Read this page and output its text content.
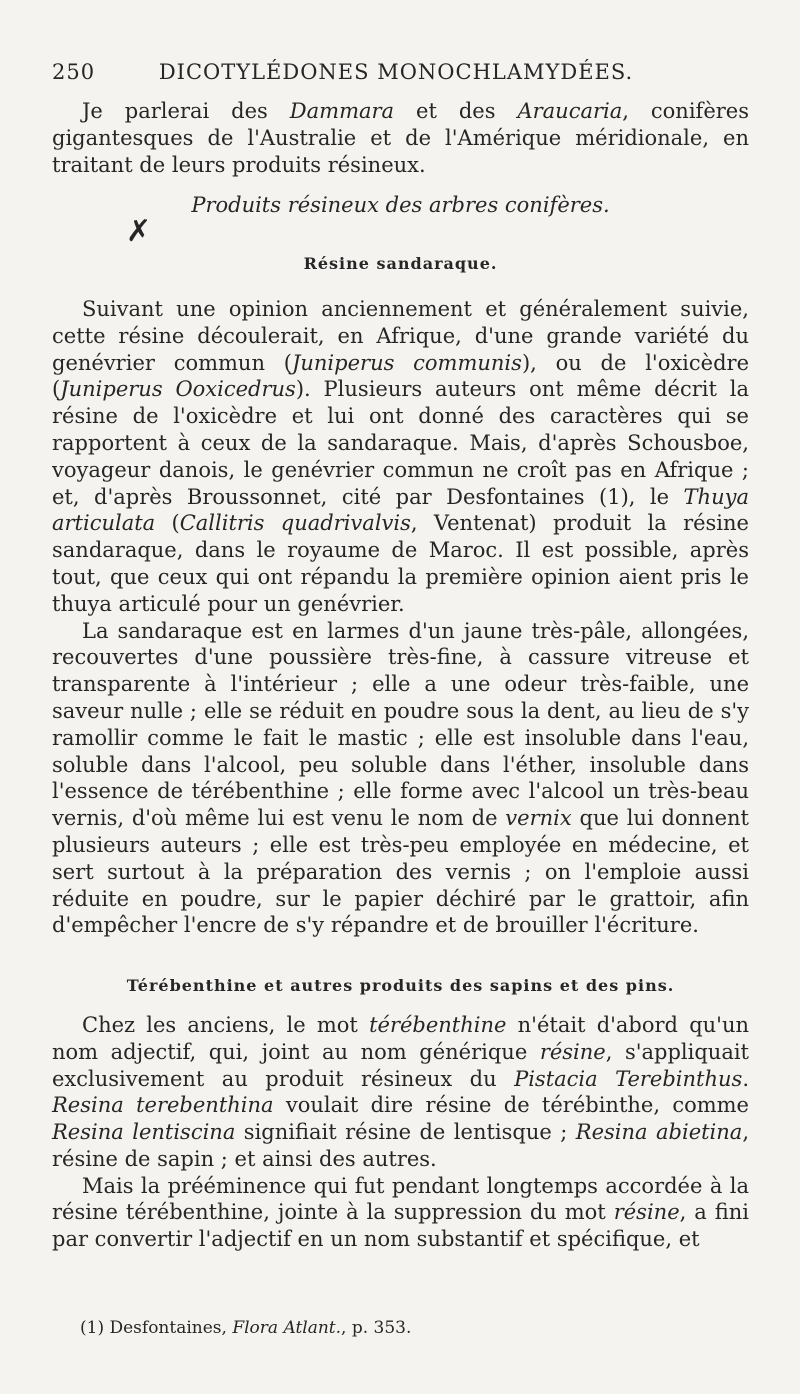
250	DICOTYLÉDONES MONOCHLAMYDÉES.

Je parlerai des Dammara et des Araucaria, conifères gigantesques de l'Australie et de l'Amérique méridionale, en traitant de leurs produits résineux.

Produits résineux des arbres conifères.

✗
Résine sandaraque.

Suivant une opinion anciennement et généralement suivie, cette résine découlerait, en Afrique, d'une grande variété du genévrier commun (Juniperus communis), ou de l'oxicèdre (Juniperus Ooxicedrus). Plusieurs auteurs ont même décrit la résine de l'oxicèdre et lui ont donné des caractères qui se rapportent à ceux de la sandaraque. Mais, d'après Schousboe, voyageur danois, le genévrier commun ne croît pas en Afrique ; et, d'après Broussonnet, cité par Desfontaines (1), le Thuya articulata (Callitris quadrivalvis, Ventenat) produit la résine sandaraque, dans le royaume de Maroc. Il est possible, après tout, que ceux qui ont répandu la première opinion aient pris le thuya articulé pour un genévrier.

La sandaraque est en larmes d'un jaune très-pâle, allongées, recouvertes d'une poussière très-fine, à cassure vitreuse et transparente à l'intérieur ; elle a une odeur très-faible, une saveur nulle ; elle se réduit en poudre sous la dent, au lieu de s'y ramollir comme le fait le mastic ; elle est insoluble dans l'eau, soluble dans l'alcool, peu soluble dans l'éther, insoluble dans l'essence de térébenthine ; elle forme avec l'alcool un très-beau vernis, d'où même lui est venu le nom de vernix que lui donnent plusieurs auteurs ; elle est très-peu employée en médecine, et sert surtout à la préparation des vernis ; on l'emploie aussi réduite en poudre, sur le papier déchiré par le grattoir, afin d'empêcher l'encre de s'y répandre et de brouiller l'écriture.

Térébenthine et autres produits des sapins et des pins.

Chez les anciens, le mot térébenthine n'était d'abord qu'un nom adjectif, qui, joint au nom générique résine, s'appliquait exclusivement au produit résineux du Pistacia Terebinthus. Resina terebenthina voulait dire résine de térébinthe, comme Resina lentiscina signifiait résine de lentisque ; Resina abietina, résine de sapin ; et ainsi des autres.

Mais la prééminence qui fut pendant longtemps accordée à la résine térébenthine, jointe à la suppression du mot résine, a fini par convertir l'adjectif en un nom substantif et spécifique, et

(1) Desfontaines, Flora Atlant., p. 353.
